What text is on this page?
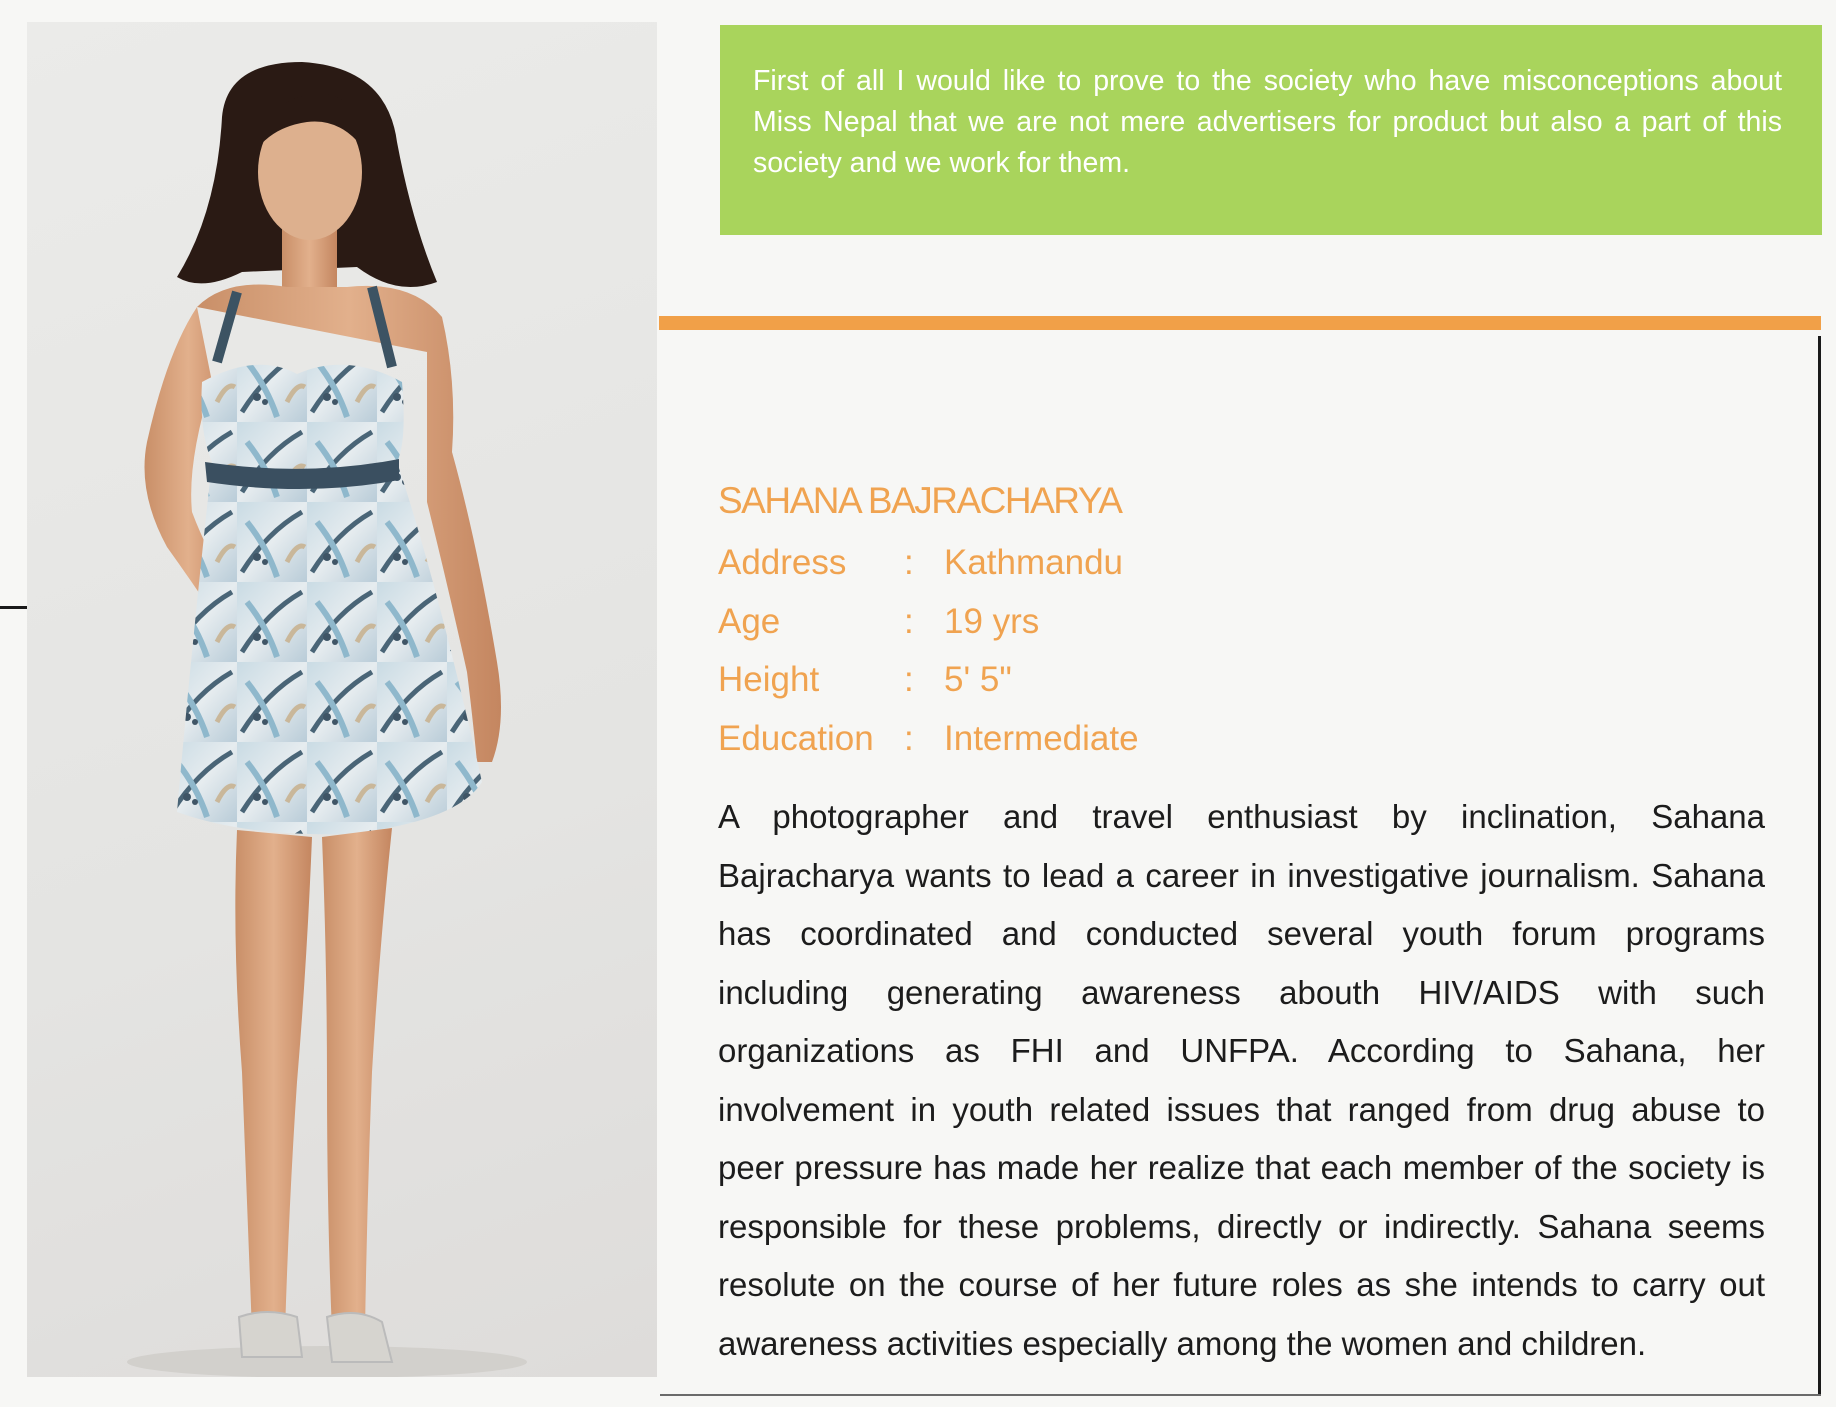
First of all I would like to prove to the society who have misconceptions about Miss Nepal that we are not mere advertisers for product but also a part of this society and we work for them.

SAHANA BAJRACHARYA
Address : Kathmandu
Age	: 19 yrs
Height : 5' 5"
Education : Intermediate

A photographer and travel enthusiast by inclination, Sahana Bajracharya wants to lead a career in investigative journalism. Sahana has coordinated and conducted several youth forum programs including generating awareness abouth HIV/AIDS with such organizations as FHI and UNFPA. According to Sahana, her involvement in youth related issues that ranged from drug abuse to peer pressure has made her realize that each member of the society is responsible for these problems, directly or indirectly. Sahana seems resolute on the course of her future roles as she intends to carry out awareness activities especially among the women and children.
